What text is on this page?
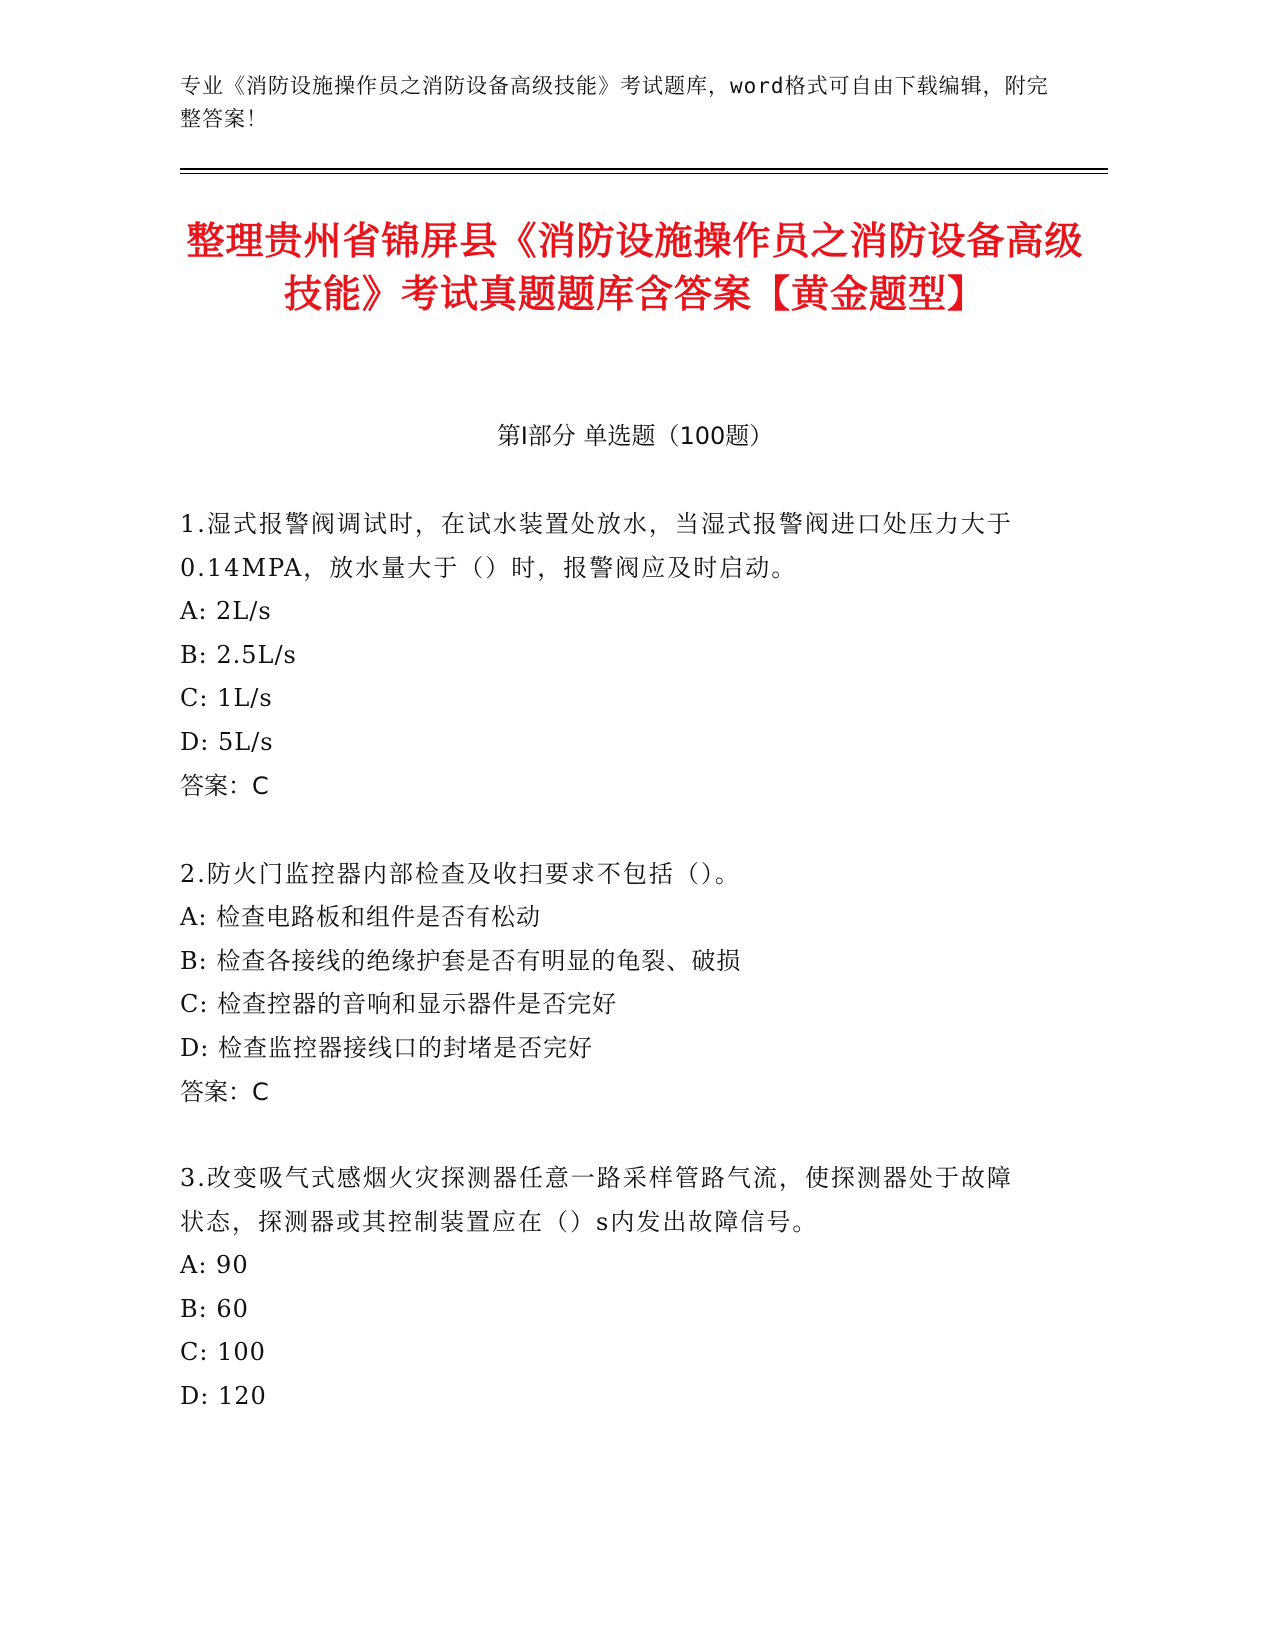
专业《消防设施操作员之消防设备高级技能》考试题库，word格式可自由下载编辑，附完整答案！
整理贵州省锦屏县《消防设施操作员之消防设备高级技能》考试真题题库含答案【黄金题型】
第Ⅰ部分 单选题（100题）

1.湿式报警阀调试时，在试水装置处放水，当湿式报警阀进口处压力大于0.14MPA，放水量大于（）时，报警阀应及时启动。

A: 2L/s

B: 2.5L/s

C: 1L/s

D: 5L/s

答案：C

2.防火门监控器内部检查及收扫要求不包括（）。

A: 检查电路板和组件是否有松动

B: 检查各接线的绝缘护套是否有明显的龟裂、破损

C: 检查控器的音响和显示器件是否完好

D: 检查监控器接线口的封堵是否完好

答案：C

3.改变吸气式感烟火灾探测器任意一路采样管路气流，使探测器处于故障状态，探测器或其控制装置应在（）s内发出故障信号。

A: 90

B: 60

C: 100

D: 120
